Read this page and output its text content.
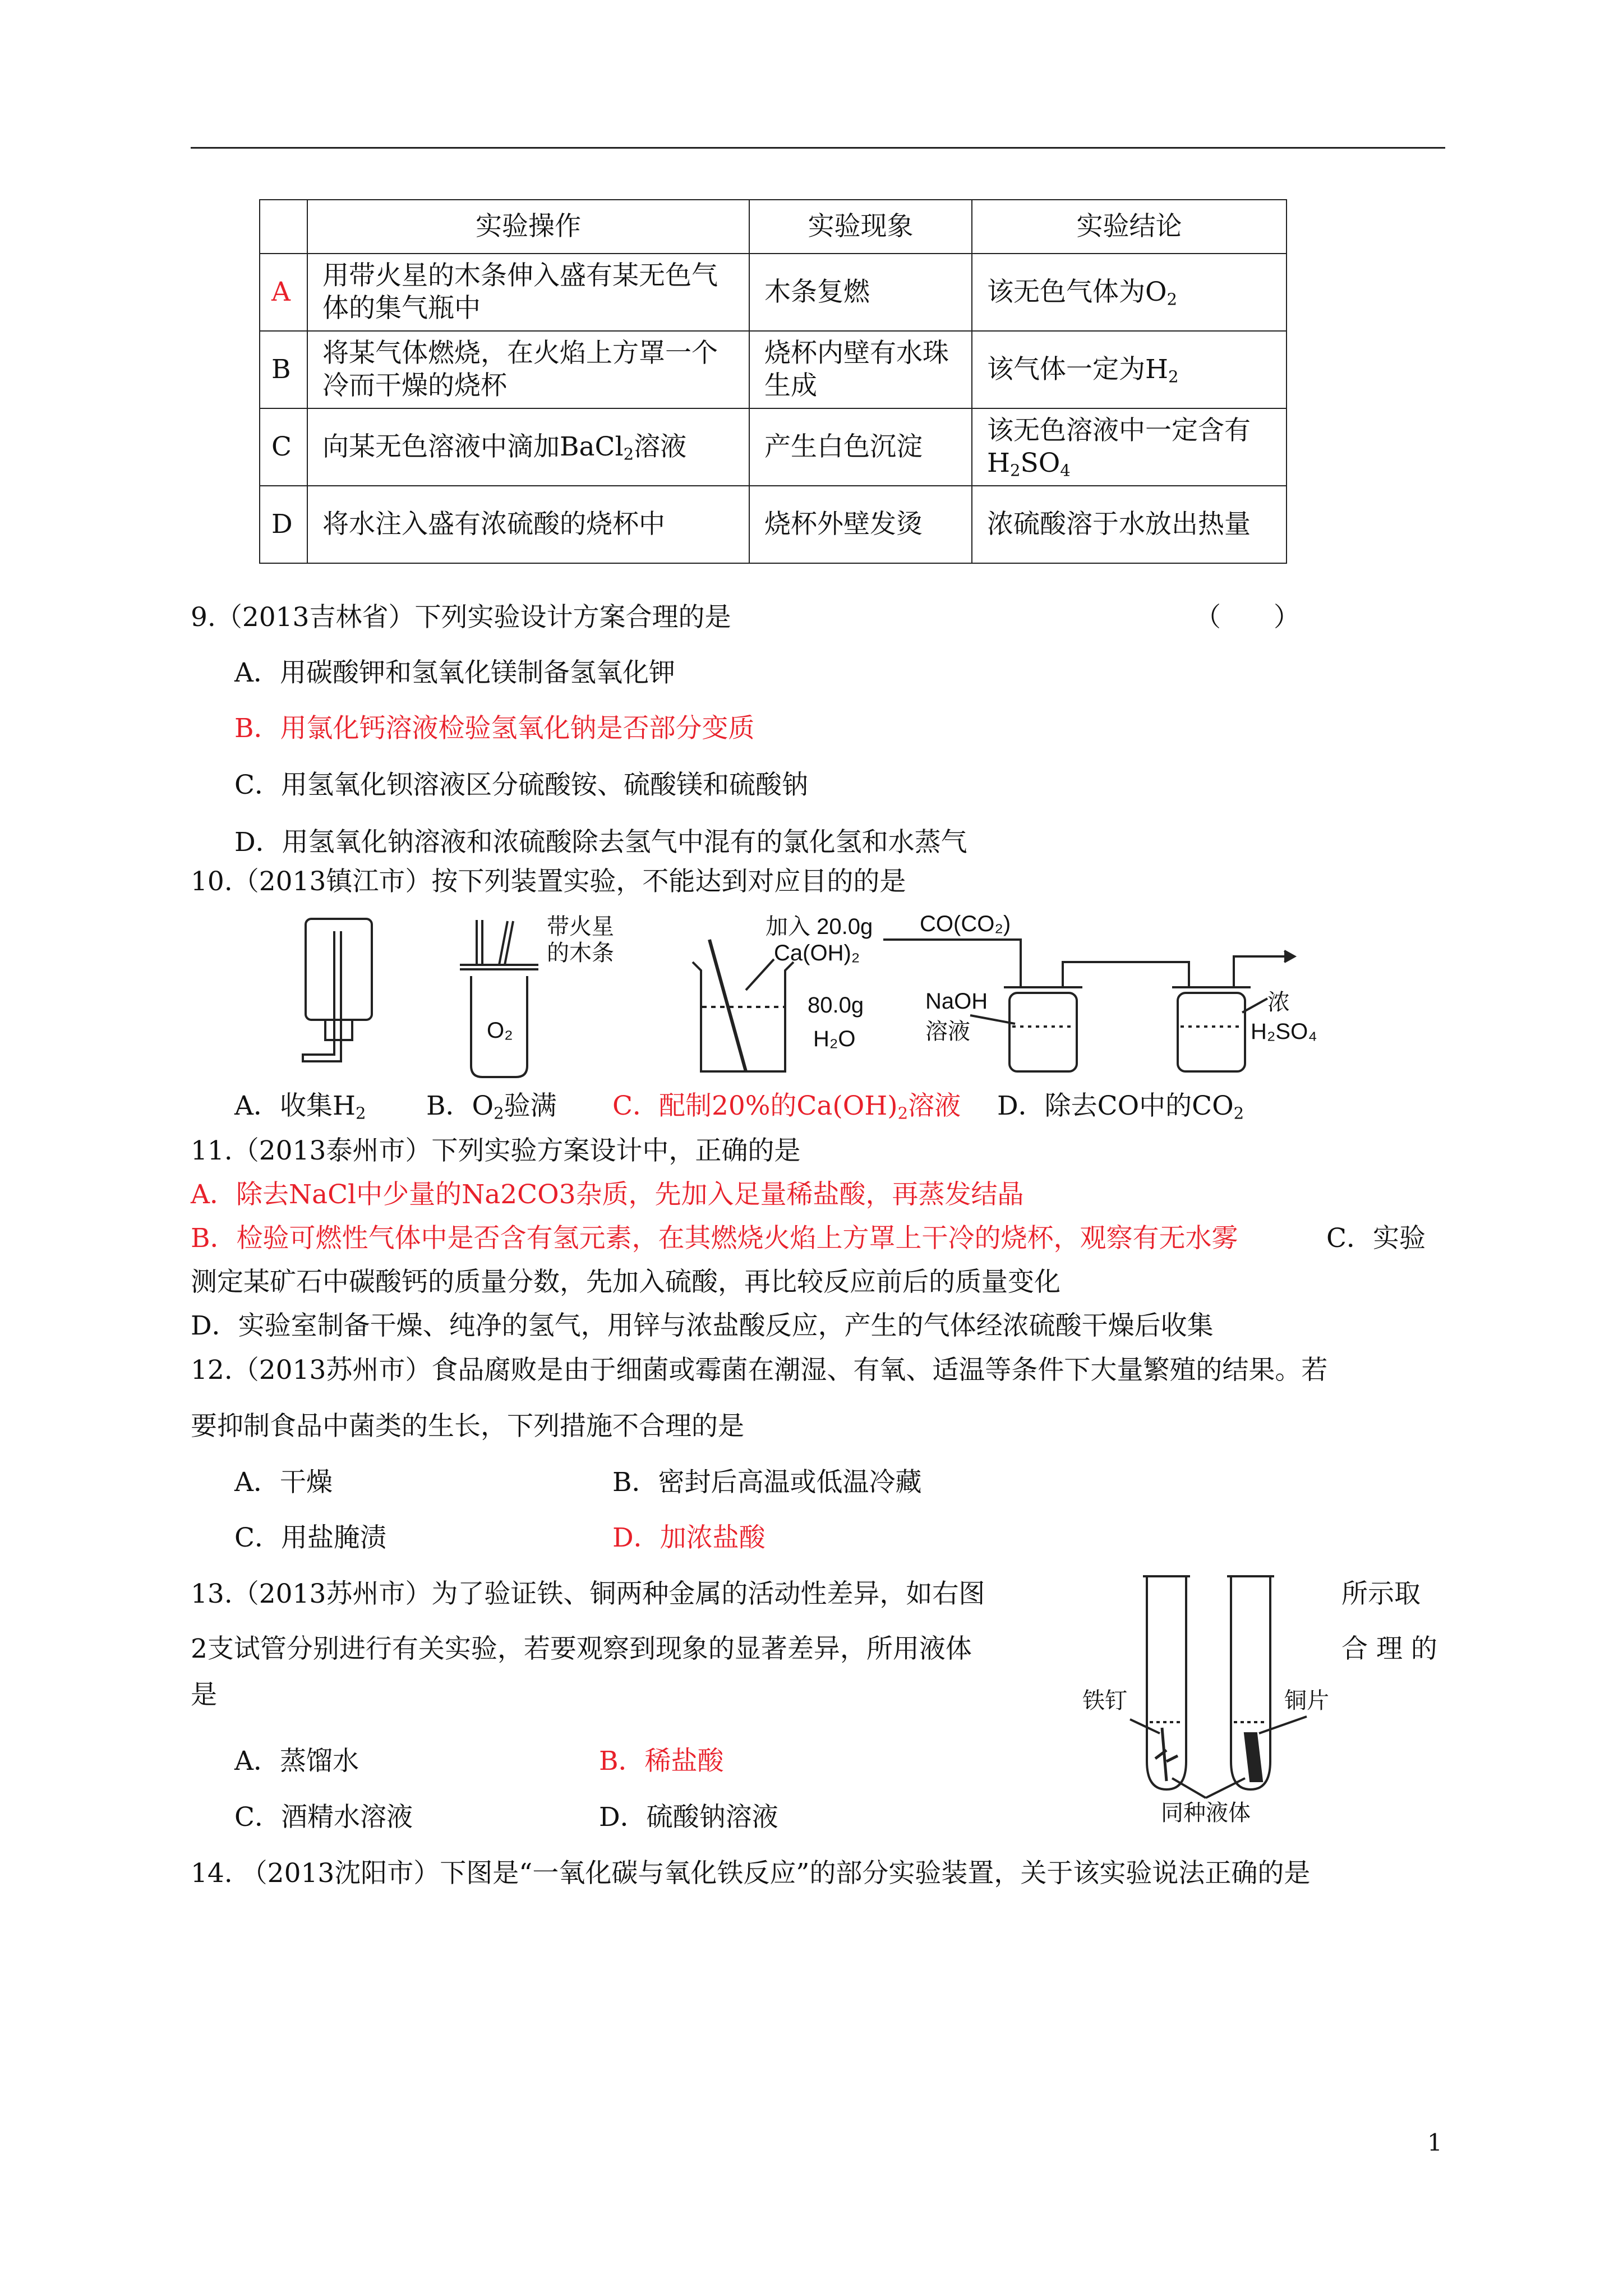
	实验操作	实验现象	实验结论
A	用带火星的木条伸入盛有某无色气体的集气瓶中	木条复燃	该无色气体为$O_2$
B	将某气体燃烧，在火焰上方罩一个冷而干燥的烧杯	烧杯内壁有水珠生成	该气体一定为$H_2$
C	向某无色溶液中滴加BaCl$_2$溶液	产生白色沉淀	该无色溶液中一定含有$H_2SO_4$
D	将水注入盛有浓硫酸的烧杯中	烧杯外壁发烫	浓硫酸溶于水放出热量
9.（2013吉林省）下列实验设计方案合理的是	（　　）
A．用碳酸钾和氢氧化镁制备氢氧化钾
B．用氯化钙溶液检验氢氧化钠是否部分变质
C．用氢氧化钡溶液区分硫酸铵、硫酸镁和硫酸钠
D．用氢氧化钠溶液和浓硫酸除去氢气中混有的氯化氢和水蒸气
10.（2013镇江市）按下列装置实验，不能达到对应目的的是
带火星
的木条
O₂
加入 20.0g
Ca(OH)₂
80.0g
H₂O
CO(CO₂)
NaOH
溶液
浓
H₂SO₄
A．收集$H_2$ B．$O_2$验满 C．配制20%的$Ca(OH)_2$溶液 D．除去CO中的$CO_2$
11.（2013泰州市）下列实验方案设计中，正确的是
A．除去NaCl中少量的Na2CO3杂质，先加入足量稀盐酸，再蒸发结晶
B．检验可燃性气体中是否含有氢元素，在其燃烧火焰上方罩上干冷的烧杯，观察有无水雾	C．实验
测定某矿石中碳酸钙的质量分数，先加入硫酸，再比较反应前后的质量变化
D．实验室制备干燥、纯净的氢气，用锌与浓盐酸反应，产生的气体经浓硫酸干燥后收集
12.（2013苏州市）食品腐败是由于细菌或霉菌在潮湿、有氧、适温等条件下大量繁殖的结果。若
要抑制食品中菌类的生长，下列措施不合理的是
A．干燥	B．密封后高温或低温冷藏
C．用盐腌渍	D．加浓盐酸
13.（2013苏州市）为了验证铁、铜两种金属的活动性差异，如右图	所示取
2支试管分别进行有关实验，若要观察到现象的显著差异，所用液体	合 理 的
是
A．蒸馏水	B．稀盐酸
C．酒精水溶液	D．硫酸钠溶液
铁钉	铜片
同种液体
14. （2013沈阳市）下图是“一氧化碳与氧化铁反应”的部分实验装置，关于该实验说法正确的是
1
